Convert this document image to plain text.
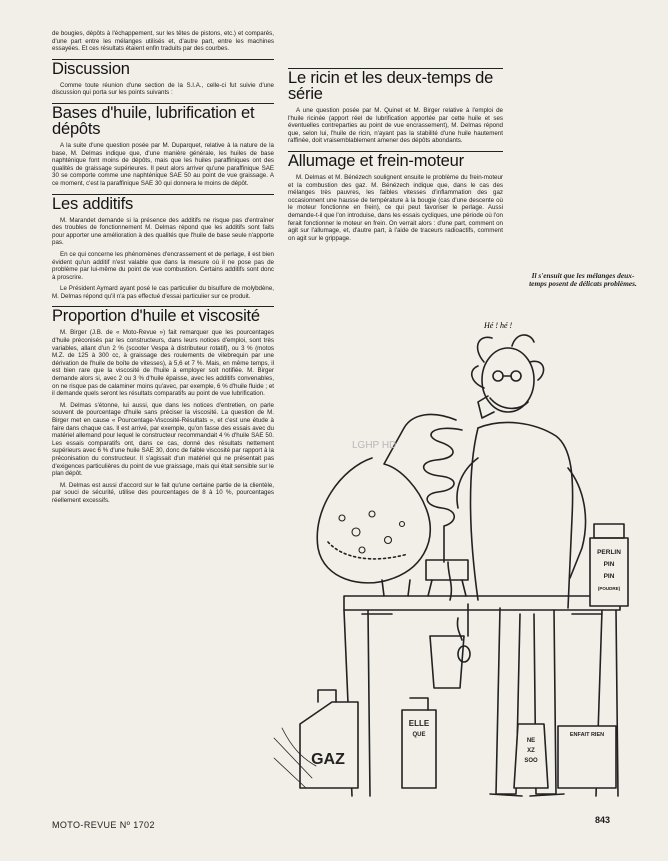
de bougies, dépôts à l'échappement, sur les têtes de pistons, etc.) et comparés, d'une part entre les mélanges utilisés et, d'autre part, entre les machines essayées. Et ces résultats étaient enfin traduits par des courbes.

Discussion

Comme toute réunion d'une section de la S.I.A., celle-ci fut suivie d'une discussion qui porta sur les points suivants :

Bases d'huile, lubrification et dépôts

A la suite d'une question posée par M. Duparquet, relative à la nature de la base, M. Delmas indique que, d'une manière générale, les huiles de base naphténique font moins de dépôts, mais que les huiles paraffiniques ont des qualités de graissage supérieures. Il peut alors arriver qu'une paraffinique SAE 30 se comporte comme une naphténique SAE 50 au point de vue graissage. A ce moment, c'est la paraffinique SAE 30 qui donnera le moins de dépôt.

Les additifs

M. Marandet demande si la présence des additifs ne risque pas d'entraîner des troubles de fonctionnement M. Delmas répond que les additifs sont faits pour apporter une amélioration à des qualités que l'huile de base seule n'apporte pas.

En ce qui concerne les phénomènes d'encrassement et de perlage, il est bien évident qu'un additif n'est valable que dans la mesure où il ne pose pas de problème par lui-même du point de vue combustion. Certains additifs sont donc à proscrire.

Le Président Aymard ayant posé le cas particulier du bisulfure de molybdène, M. Delmas répond qu'il n'a pas effectué d'essai particulier sur ce produit.

Proportion d'huile et viscosité

M. Birger (J.B. de « Moto-Revue ») fait remarquer que les pourcentages d'huile préconisés par les constructeurs, dans leurs notices d'emploi, sont très variables, allant d'un 2 % (scooter Vespa à distributeur rotatif), ou 3 % (motos M.Z. de 125 à 300 cc, à graissage des roulements de vilebrequin par une dérivation de l'huile de boîte de vitesses), à 5,6 et 7 %. Mais, en même temps, il est bien rare que la viscosité de l'huile à employer soit notifiée. M. Birger demande alors si, avec 2 ou 3 % d'huile épaisse, avec les additifs convenables, on ne risque pas de calaminer moins qu'avec, par exemple, 6 % d'huile fluide ; et il demande quels seront les résultats comparatifs au point de vue lubrification.

M. Delmas s'étonne, lui aussi, que dans les notices d'entretien, on parle souvent de pourcentage d'huile sans préciser la viscosité. La question de M. Birger met en cause « Pourcentage-Viscosité-Résultats », et c'est une étude à faire dans chaque cas. Il est arrivé, par exemple, qu'on fasse des essais avec du matériel allemand pour lequel le constructeur recommandait 4 % d'huile SAE 50. Les essais comparatifs ont, dans ce cas, donné des résultats nettement supérieurs avec 6 % d'une huile SAE 30, donc de faible viscosité par rapport à la préconisation du constructeur. Il s'agissait d'un matériel qui ne présentait pas d'exigences particulières du point de vue graissage, mais qui était sensible sur le plan dépôt.

M. Delmas est aussi d'accord sur le fait qu'une certaine partie de la clientèle, par souci de sécurité, utilise des pourcentages de 8 à 10 %, pourcentages réellement excessifs.

Le ricin et les deux-temps de série

A une question posée par M. Quinet et M. Birger relative à l'emploi de l'huile ricinée (apport réel de lubrification apportée par cette huile et ses éventuelles contreparties au point de vue encrassement), M. Delmas répond que, selon lui, l'huile de ricin, n'ayant pas la stabilité d'une huile hautement raffinée, doit vraisemblablement amener des dépôts abondants.

Allumage et frein-moteur

M. Delmas et M. Bénézech soulignent ensuite le problème du frein-moteur et la combustion des gaz. M. Bénézech indique que, dans le cas des mélanges très pauvres, les faibles vitesses d'inflammation des gaz occasionnent une hausse de température à la bougie (cas d'une descente où le moteur fonctionne en frein), ce qui peut favoriser le perlage. Aussi demande-t-il que l'on introduise, dans les essais cycliques, une période où l'on ferait fonctionner le moteur en frein. On verrait alors : d'une part, comment on agit sur l'allumage, et, d'autre part, à l'aide de traceurs radioactifs, comment on agit sur le grippage.

Il s'ensuit que les mélanges deux-temps posent de délicats problèmes.
Hé ! hé !
PERLIN
PIN
PIN
(POUDRE)
GAZ
ELLE
QUE	ENFAIT RIEN
NE
XZ
SOO
LGHP HD
MOTO-REVUE Nº 1702	843
